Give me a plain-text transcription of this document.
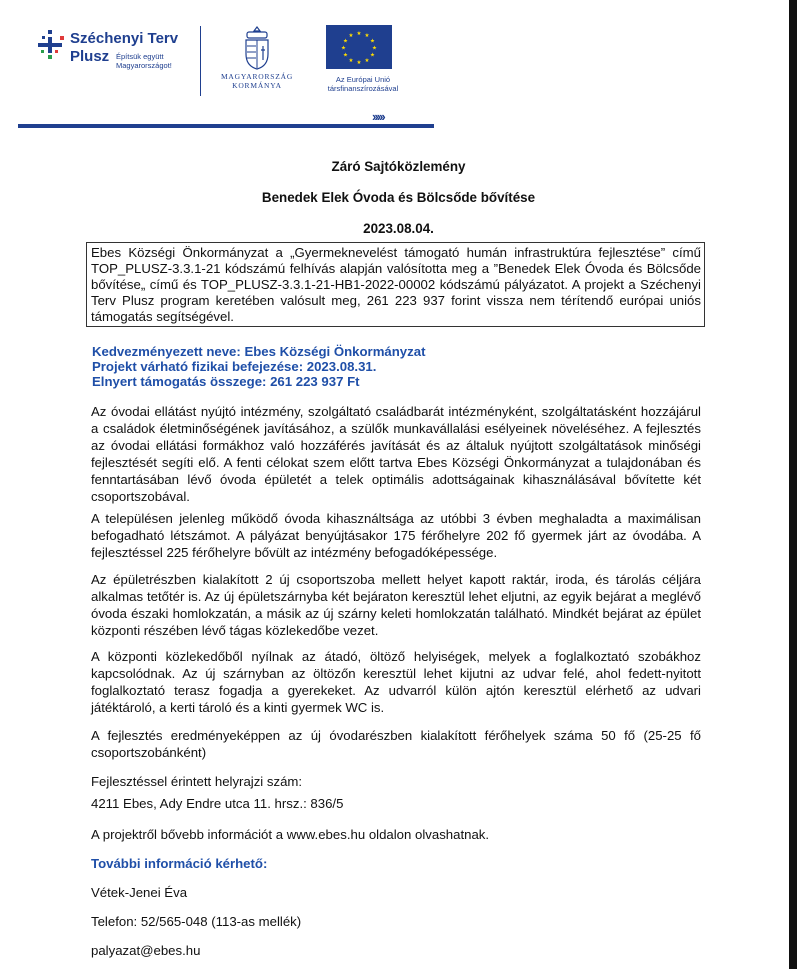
›››››
Széchenyi Terv
Plusz Építsük együtt
Magyarországot!
MAGYARORSZÁG
KORMÁNYA
★ ★
★
★
★
★
★
★
★
★
★
★
Az Európai Unió
társfinanszírozásával
Záró Sajtóközlemény
Benedek Elek Óvoda és Bölcsőde bővítése
2023.08.04.
Ebes Községi Önkormányzat a „Gyermeknevelést támogató humán infrastruktúra fejlesztése” című TOP_PLUSZ-3.3.1-21 kódszámú felhívás alapján valósította meg a ”Benedek Elek Óvoda és Bölcsőde bővítése„ című és TOP_PLUSZ-3.3.1-21-HB1-2022-00002 kódszámú pályázatot. A projekt a Széchenyi Terv Plusz program keretében valósult meg, 261 223 937 forint vissza nem térítendő európai uniós támogatás segítségével.
Kedvezményezett neve: Ebes Községi Önkormányzat
Projekt várható fizikai befejezése: 2023.08.31.
Elnyert támogatás összege: 261 223 937 Ft
Az óvodai ellátást nyújtó intézmény, szolgáltató családbarát intézményként, szolgáltatásként hozzájárul a családok életminőségének javításához, a szülők munkavállalási esélyeinek növeléséhez. A fejlesztés az óvodai ellátási formákhoz való hozzáférés javítását és az általuk nyújtott szolgáltatások minőségi fejlesztését segíti elő. A fenti célokat szem előtt tartva Ebes Községi Önkormányzat a tulajdonában és fenntartásában lévő óvoda épületét a telek optimális adottságainak kihasználásával bővítette két csoportszobával.
A településen jelenleg működő óvoda kihasználtsága az utóbbi 3 évben meghaladta a maximálisan befogadható létszámot. A pályázat benyújtásakor 175 férőhelyre 202 fő gyermek járt az óvodába. A fejlesztéssel 225 férőhelyre bővült az intézmény befogadóképessége.
Az épületrészben kialakított 2 új csoportszoba mellett helyet kapott raktár, iroda, és tárolás céljára alkalmas tetőtér is. Az új épületszárnyba két bejáraton keresztül lehet eljutni, az egyik bejárat a meglévő óvoda északi homlokzatán, a másik az új szárny keleti homlokzatán található. Mindkét bejárat az épület központi részében lévő tágas közlekedőbe vezet.
A központi közlekedőből nyílnak az átadó, öltöző helyiségek, melyek a foglalkoztató szobákhoz kapcsolódnak. Az új szárnyban az öltözőn keresztül lehet kijutni az udvar felé, ahol fedett-nyitott foglalkoztató terasz fogadja a gyerekeket. Az udvarról külön ajtón keresztül elérhető az udvari játéktároló, a kerti tároló és a kinti gyermek WC is.
A fejlesztés eredményeképpen az új óvodarészben kialakított férőhelyek száma 50 fő (25-25 fő csoportszobánként)
Fejlesztéssel érintett helyrajzi szám:
4211 Ebes, Ady Endre utca 11. hrsz.: 836/5
A projektről bővebb információt a www.ebes.hu oldalon olvashatnak.
További információ kérhető:
Vétek-Jenei Éva
Telefon: 52/565-048 (113-as mellék)
palyazat@ebes.hu
